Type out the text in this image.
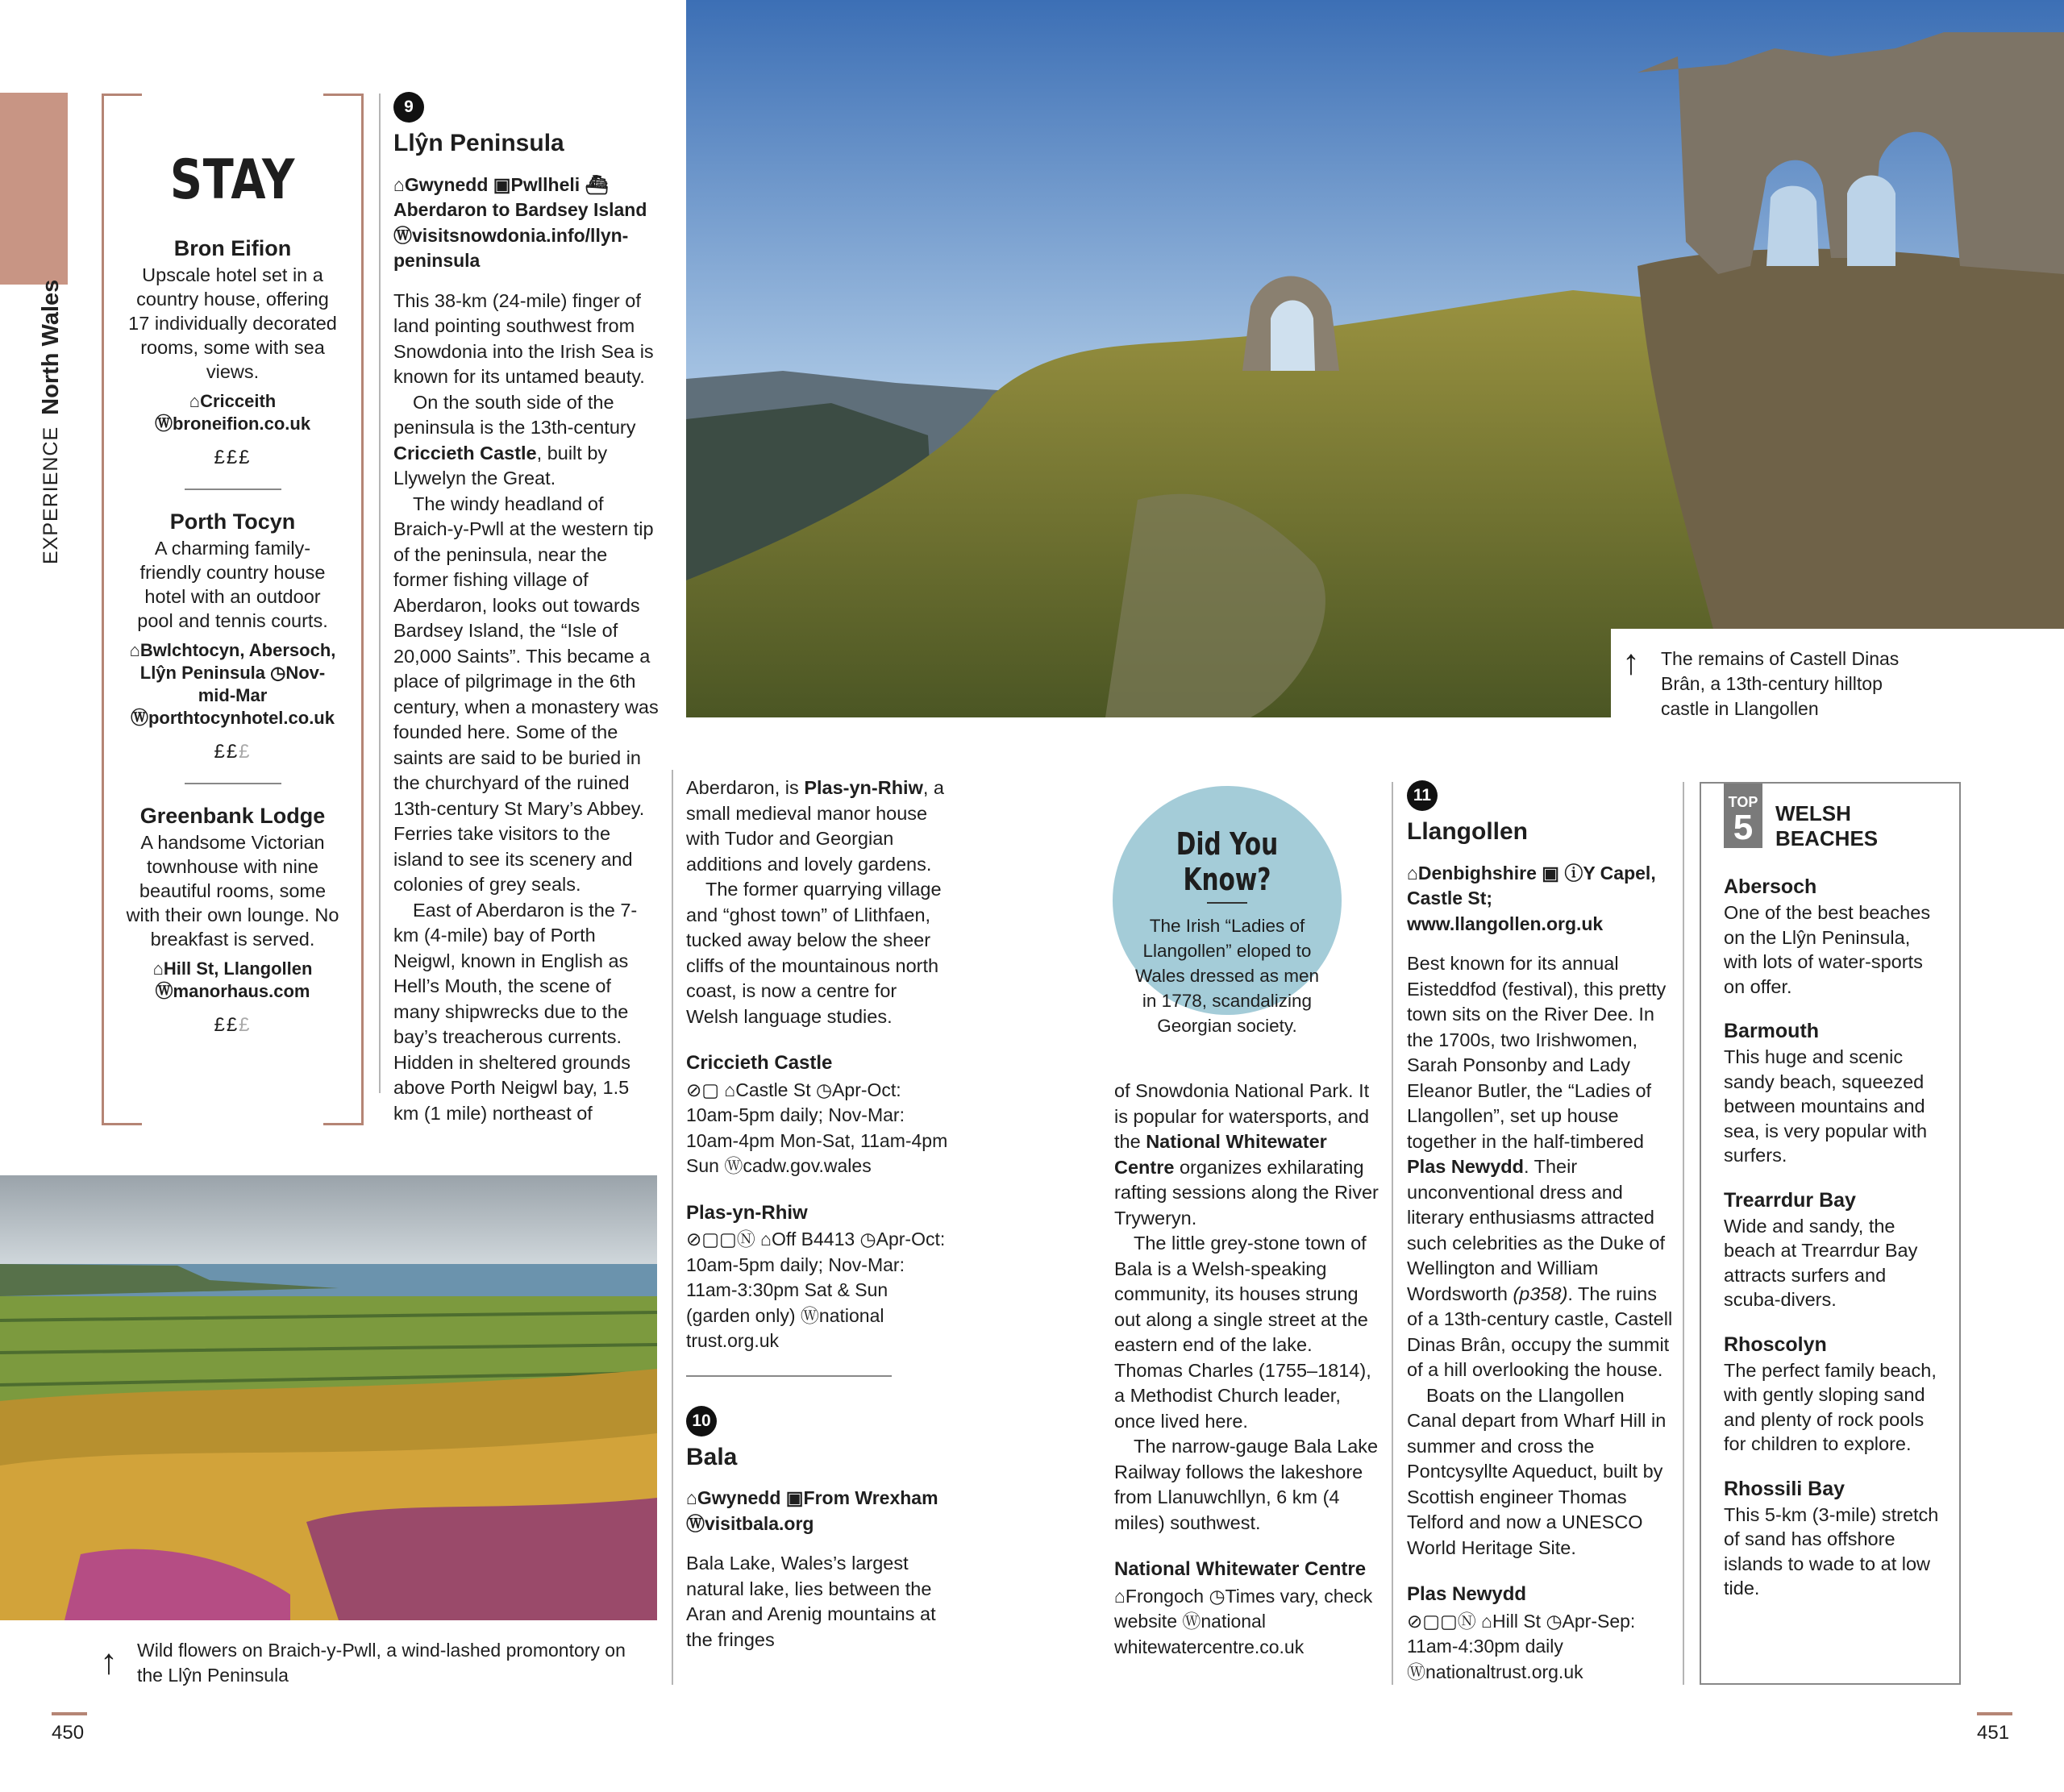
EXPERIENCE
North Wales
STAY
Bron Eifion

Upscale hotel set in a country house, offering 17 individually decorated rooms, some with sea views.

⌂Cricceith
Ⓦbroneifion.co.uk
£££
Porth Tocyn

A charming family-friendly country house hotel with an outdoor pool and tennis courts.

⌂Bwlchtocyn, Abersoch, Llŷn Peninsula ◷Nov-mid-Mar
Ⓦporthtocynhotel.co.uk
£££
Greenbank Lodge

A handsome Victorian townhouse with nine beautiful rooms, some with their own lounge. No breakfast is served.

⌂Hill St, Llangollen
Ⓦmanorhaus.com
£££
9
Llŷn Peninsula
⌂Gwynedd ▣Pwllheli ⛴Aberdaron to Bardsey Island Ⓦvisitsnowdonia.info/llyn-peninsula

This 38-km (24-mile) finger of land pointing southwest from Snowdonia into the Irish Sea is known for its untamed beauty.

On the south side of the peninsula is the 13th-century Criccieth Castle, built by Llywelyn the Great.

The windy headland of Braich-y-Pwll at the western tip of the peninsula, near the former fishing village of Aberdaron, looks out towards Bardsey Island, the “Isle of 20,000 Saints”. This became a place of pilgrimage in the 6th century, when a monastery was founded here. Some of the saints are said to be buried in the churchyard of the ruined 13th-century St Mary’s Abbey. Ferries take visitors to the island to see its scenery and colonies of grey seals.

East of Aberdaron is the 7-km (4-mile) bay of Porth Neigwl, known in English as Hell’s Mouth, the scene of many shipwrecks due to the bay’s treacherous currents. Hidden in sheltered grounds above Porth Neigwl bay, 1.5 km (1 mile) northeast of

↑ The remains of Castell Dinas Brân, a 13th-century hilltop castle in Llangollen
↑ Wild flowers on Braich-y-Pwll, a wind-lashed promontory on the Llŷn Peninsula

Aberdaron, is Plas-yn-Rhiw, a small medieval manor house with Tudor and Georgian additions and lovely gardens.

The former quarrying village and “ghost town” of Llithfaen, tucked away below the sheer cliffs of the mountainous north coast, is now a centre for Welsh language studies.

Criccieth Castle
⊘▢ ⌂Castle St ◷Apr-Oct: 10am-5pm daily; Nov-Mar: 10am-4pm Mon-Sat, 11am-4pm Sun Ⓦcadw.gov.wales
Plas-yn-Rhiw
⊘▢▢Ⓝ ⌂Off B4413 ◷Apr-Oct: 10am-5pm daily; Nov-Mar: 11am-3:30pm Sat & Sun (garden only) Ⓦnational trust.org.uk
10
Bala
⌂Gwynedd ▣From Wrexham Ⓦvisitbala.org

Bala Lake, Wales’s largest natural lake, lies between the Aran and Arenig mountains at the fringes

Did You Know?

The Irish “Ladies of Llangollen” eloped to Wales dressed as men in 1778, scandalizing Georgian society.

of Snowdonia National Park. It is popular for watersports, and the National Whitewater Centre organizes exhilarating rafting sessions along the River Tryweryn.

The little grey-stone town of Bala is a Welsh-speaking community, its houses strung out along a single street at the eastern end of the lake. Thomas Charles (1755–1814), a Methodist Church leader, once lived here.

The narrow-gauge Bala Lake Railway follows the lakeshore from Llanuwchllyn, 6 km (4 miles) southwest.

National Whitewater Centre
⌂Frongoch ◷Times vary, check website Ⓦnational whitewatercentre.co.uk
11
Llangollen
⌂Denbighshire ▣ ⓘY Capel, Castle St; www.llangollen.org.uk

Best known for its annual Eisteddfod (festival), this pretty town sits on the River Dee. In the 1700s, two Irishwomen, Sarah Ponsonby and Lady Eleanor Butler, the “Ladies of Llangollen”, set up house together in the half-timbered Plas Newydd. Their unconventional dress and literary enthusiasms attracted such celebrities as the Duke of Wellington and William Wordsworth (p358). The ruins of a 13th-century castle, Castell Dinas Brân, occupy the summit of a hill overlooking the house.

Boats on the Llangollen Canal depart from Wharf Hill in summer and cross the Pontcysyllte Aqueduct, built by Scottish engineer Thomas Telford and now a UNESCO World Heritage Site.

Plas Newydd
⊘▢▢Ⓝ ⌂Hill St ◷Apr-Sep: 11am-4:30pm daily Ⓦnationaltrust.org.uk
TOP
5	WELSH
BEACHES
Abersoch

One of the best beaches on the Llŷn Peninsula, with lots of water-sports on offer.

Barmouth

This huge and scenic sandy beach, squeezed between mountains and sea, is very popular with surfers.

Trearrdur Bay

Wide and sandy, the beach at Trearrdur Bay attracts surfers and scuba-divers.

Rhoscolyn

The perfect family beach, with gently sloping sand and plenty of rock pools for children to explore.

Rhossili Bay

This 5-km (3-mile) stretch of sand has offshore islands to wade to at low tide.

450	451
